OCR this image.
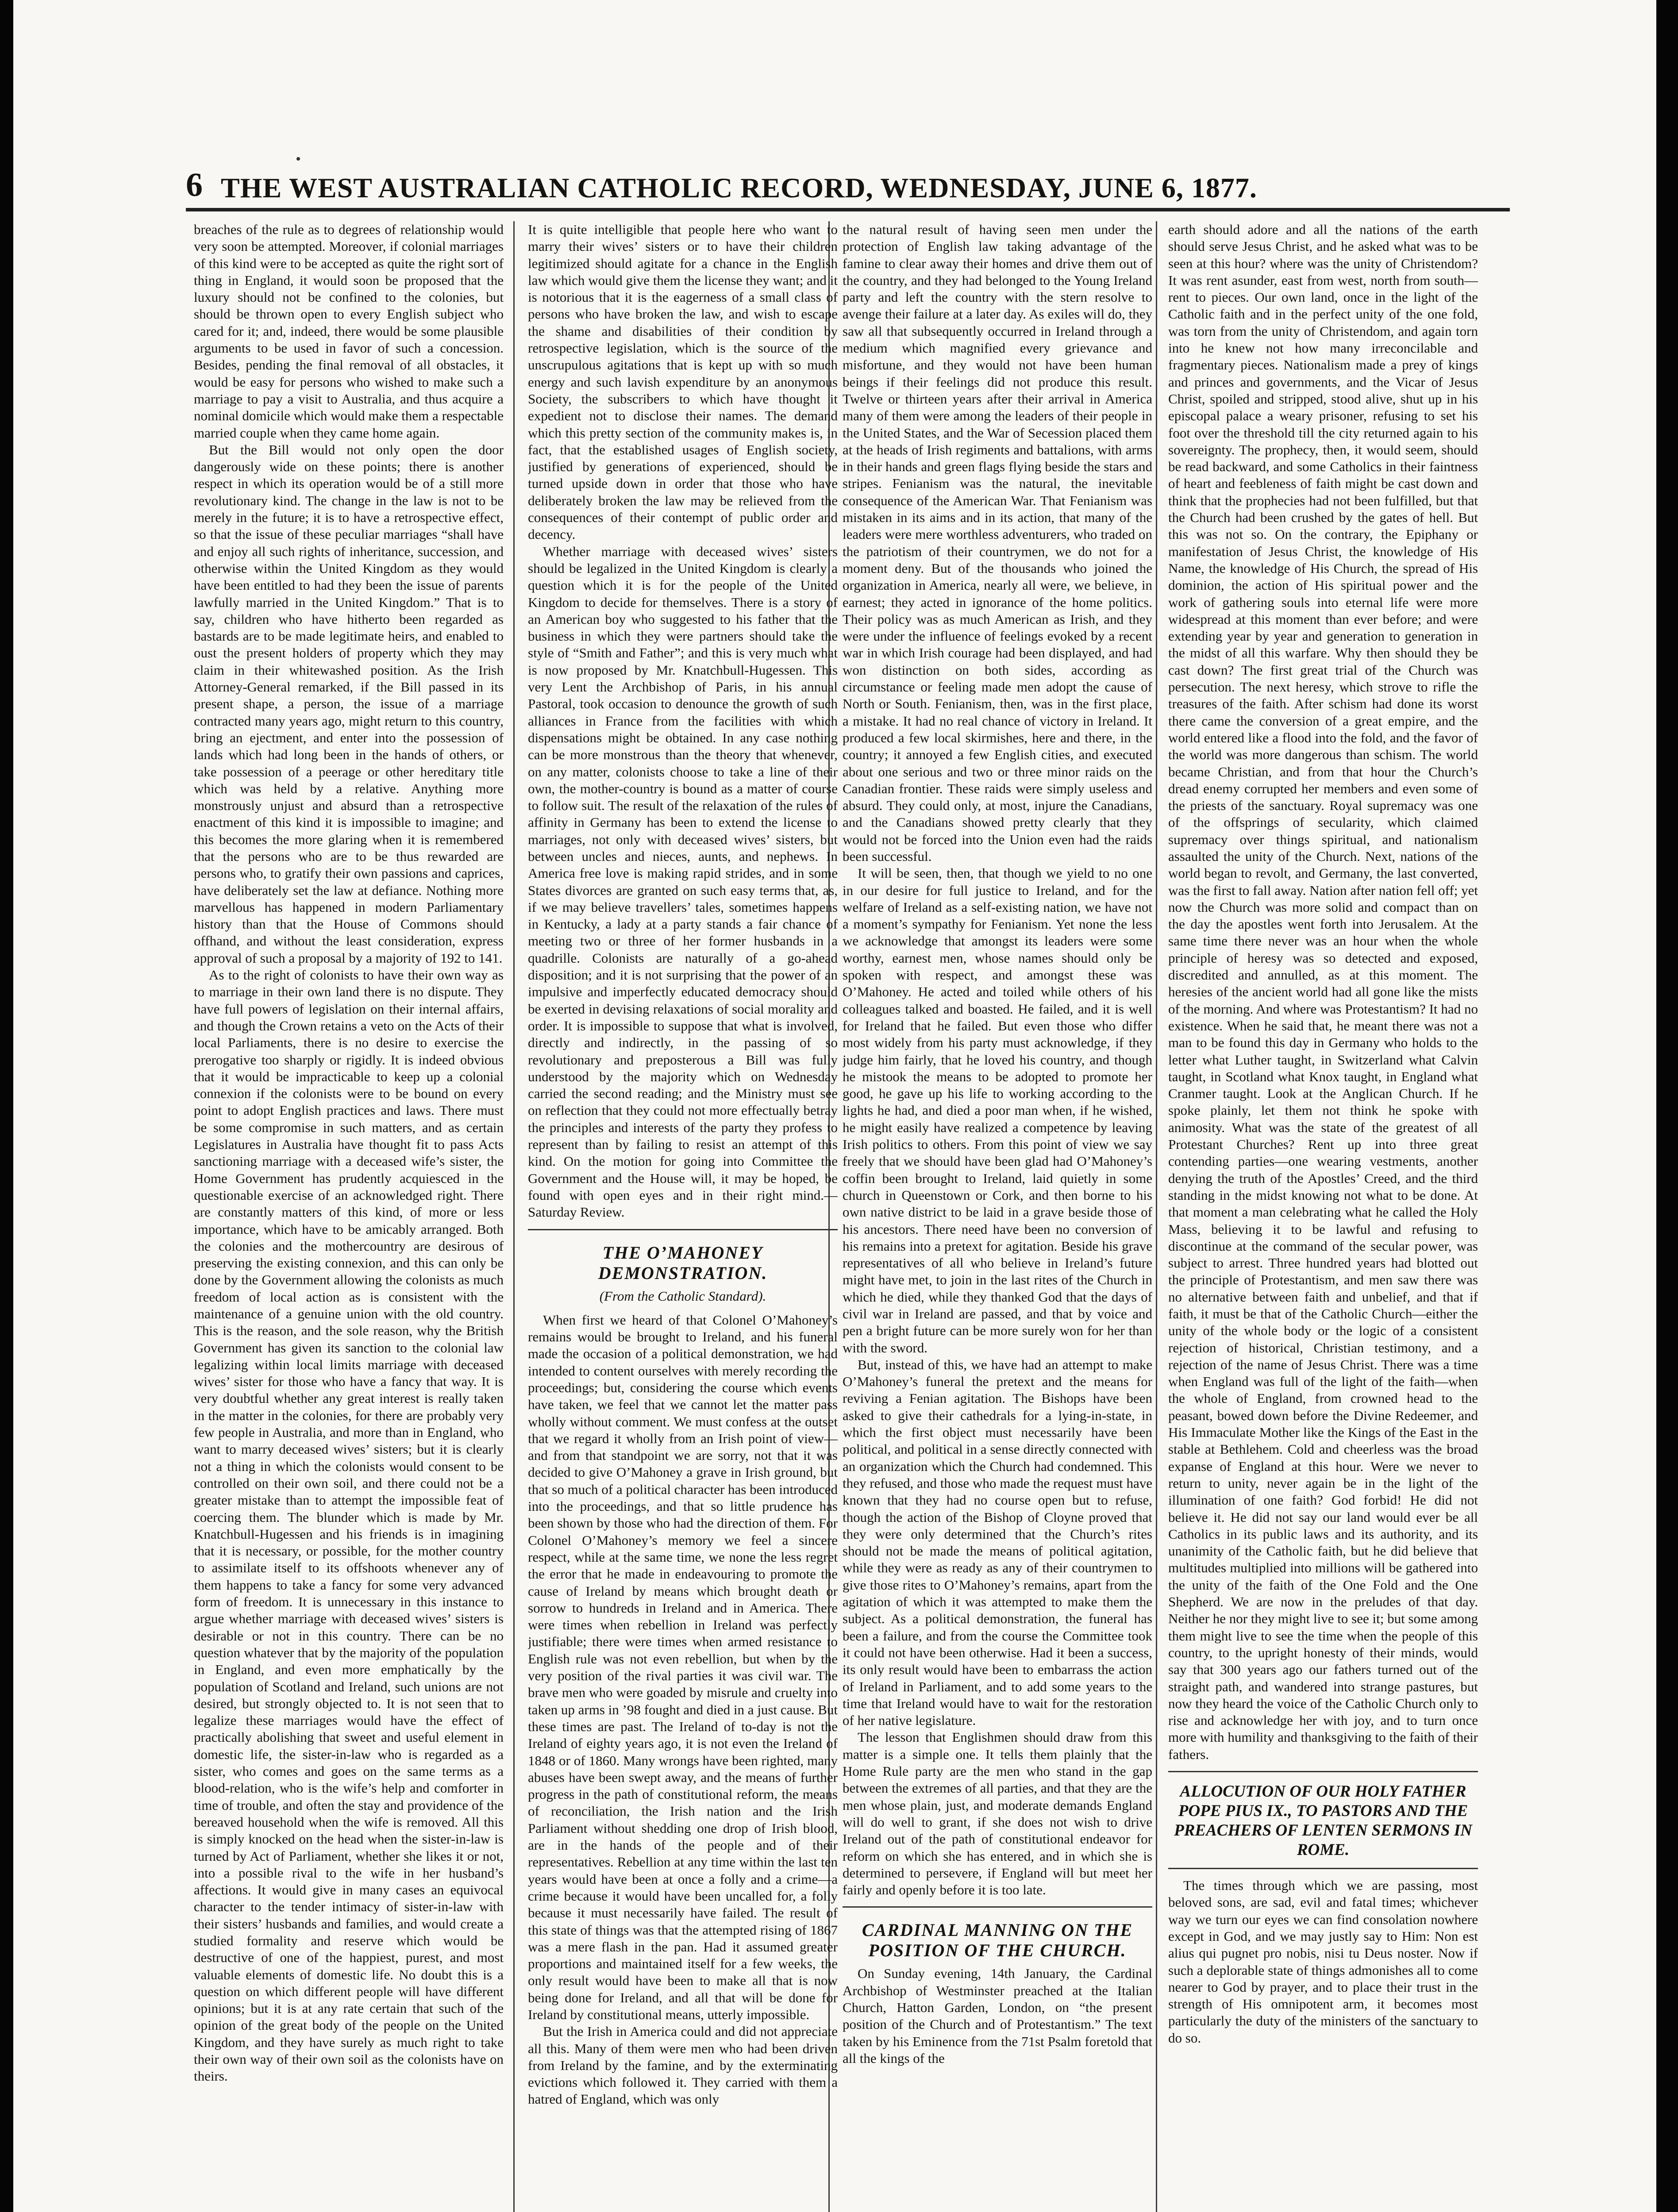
6 THE WEST AUSTRALIAN CATHOLIC RECORD, WEDNESDAY, JUNE 6, 1877.

breaches of the rule as to degrees of relationship would very soon be attempted. Moreover, if colonial marriages of this kind were to be accepted as quite the right sort of thing in England, it would soon be proposed that the luxury should not be confined to the colonies, but should be thrown open to every English subject who cared for it; and, indeed, there would be some plausible arguments to be used in favor of such a concession. Besides, pending the final removal of all obstacles, it would be easy for persons who wished to make such a marriage to pay a visit to Australia, and thus acquire a nominal domicile which would make them a respectable married couple when they came home again.

But the Bill would not only open the door dangerously wide on these points; there is another respect in which its operation would be of a still more revolutionary kind. The change in the law is not to be merely in the future; it is to have a retrospective effect, so that the issue of these peculiar marriages “shall have and enjoy all such rights of inheritance, succession, and otherwise within the United Kingdom as they would have been entitled to had they been the issue of parents lawfully married in the United Kingdom.” That is to say, children who have hitherto been regarded as bastards are to be made legitimate heirs, and enabled to oust the present holders of property which they may claim in their whitewashed position. As the Irish Attorney-General remarked, if the Bill passed in its present shape, a person, the issue of a marriage contracted many years ago, might return to this country, bring an ejectment, and enter into the possession of lands which had long been in the hands of others, or take possession of a peerage or other hereditary title which was held by a relative. Anything more monstrously unjust and absurd than a retrospective enactment of this kind it is impossible to imagine; and this becomes the more glaring when it is remembered that the persons who are to be thus rewarded are persons who, to gratify their own passions and caprices, have deliberately set the law at defiance. Nothing more marvellous has happened in modern Parliamentary history than that the House of Commons should offhand, and without the least consideration, express approval of such a proposal by a majority of 192 to 141.

As to the right of colonists to have their own way as to marriage in their own land there is no dispute. They have full powers of legislation on their internal affairs, and though the Crown retains a veto on the Acts of their local Parliaments, there is no desire to exercise the prerogative too sharply or rigidly. It is indeed obvious that it would be impracticable to keep up a colonial connexion if the colonists were to be bound on every point to adopt English practices and laws. There must be some compromise in such matters, and as certain Legislatures in Australia have thought fit to pass Acts sanctioning marriage with a deceased wife’s sister, the Home Government has prudently acquiesced in the questionable exercise of an acknowledged right. There are constantly matters of this kind, of more or less importance, which have to be amicably arranged. Both the colonies and the mothercountry are desirous of preserving the existing connexion, and this can only be done by the Government allowing the colonists as much freedom of local action as is consistent with the maintenance of a genuine union with the old country. This is the reason, and the sole reason, why the British Government has given its sanction to the colonial law legalizing within local limits marriage with deceased wives’ sister for those who have a fancy that way. It is very doubtful whether any great interest is really taken in the matter in the colonies, for there are probably very few people in Australia, and more than in England, who want to marry deceased wives’ sisters; but it is clearly not a thing in which the colonists would consent to be controlled on their own soil, and there could not be a greater mistake than to attempt the impossible feat of coercing them. The blunder which is made by Mr. Knatchbull-Hugessen and his friends is in imagining that it is necessary, or possible, for the mother country to assimilate itself to its offshoots whenever any of them happens to take a fancy for some very advanced form of freedom. It is unnecessary in this instance to argue whether marriage with deceased wives’ sisters is desirable or not in this country. There can be no question whatever that by the majority of the population in England, and even more emphatically by the population of Scotland and Ireland, such unions are not desired, but strongly objected to. It is not seen that to legalize these marriages would have the effect of practically abolishing that sweet and useful element in domestic life, the sister-in-law who is regarded as a sister, who comes and goes on the same terms as a blood-relation, who is the wife’s help and comforter in time of trouble, and often the stay and providence of the bereaved household when the wife is removed. All this is simply knocked on the head when the sister-in-law is turned by Act of Parliament, whether she likes it or not, into a possible rival to the wife in her husband’s affections. It would give in many cases an equivocal character to the tender intimacy of sister-in-law with their sisters’ husbands and families, and would create a studied formality and reserve which would be destructive of one of the happiest, purest, and most valuable elements of domestic life. No doubt this is a question on which different people will have different opinions; but it is at any rate certain that such of the opinion of the great body of the people on the United Kingdom, and they have surely as much right to take their own way of their own soil as the colonists have on theirs.

It is quite intelligible that people here who want to marry their wives’ sisters or to have their children legitimized should agitate for a chance in the English law which would give them the license they want; and it is notorious that it is the eagerness of a small class of persons who have broken the law, and wish to escape the shame and disabilities of their condition by retrospective legislation, which is the source of the unscrupulous agitations that is kept up with so much energy and such lavish expenditure by an anonymous Society, the subscribers to which have thought it expedient not to disclose their names. The demand which this pretty section of the community makes is, in fact, that the established usages of English society, justified by generations of experienced, should be turned upside down in order that those who have deliberately broken the law may be relieved from the consequences of their contempt of public order and decency.

Whether marriage with deceased wives’ sisters should be legalized in the United Kingdom is clearly a question which it is for the people of the United Kingdom to decide for themselves. There is a story of an American boy who suggested to his father that the business in which they were partners should take the style of “Smith and Father”; and this is very much what is now proposed by Mr. Knatchbull-Hugessen. This very Lent the Archbishop of Paris, in his annual Pastoral, took occasion to denounce the growth of such alliances in France from the facilities with which dispensations might be obtained. In any case nothing can be more monstrous than the theory that whenever, on any matter, colonists choose to take a line of their own, the mother-country is bound as a matter of course to follow suit. The result of the relaxation of the rules of affinity in Germany has been to extend the license to marriages, not only with deceased wives’ sisters, but between uncles and nieces, aunts, and nephews. In America free love is making rapid strides, and in some States divorces are granted on such easy terms that, as, if we may believe travellers’ tales, sometimes happens in Kentucky, a lady at a party stands a fair chance of meeting two or three of her former husbands in a quadrille. Colonists are naturally of a go-ahead disposition; and it is not surprising that the power of an impulsive and imperfectly educated democracy should be exerted in devising relaxations of social morality and order. It is impossible to suppose that what is involved, directly and indirectly, in the passing of so revolutionary and preposterous a Bill was fully understood by the majority which on Wednesday carried the second reading; and the Ministry must see on reflection that they could not more effectually betray the principles and interests of the party they profess to represent than by failing to resist an attempt of this kind. On the motion for going into Committee the Government and the House will, it may be hoped, be found with open eyes and in their right mind.—Saturday Review.

THE O’MAHONEY DEMONSTRATION.
(From the Catholic Standard).

When first we heard of that Colonel O’Mahoney’s remains would be brought to Ireland, and his funeral made the occasion of a political demonstration, we had intended to content ourselves with merely recording the proceedings; but, considering the course which events have taken, we feel that we cannot let the matter pass wholly without comment. We must confess at the outset that we regard it wholly from an Irish point of view—and from that standpoint we are sorry, not that it was decided to give O’Mahoney a grave in Irish ground, but that so much of a political character has been introduced into the proceedings, and that so little prudence has been shown by those who had the direction of them. For Colonel O’Mahoney’s memory we feel a sincere respect, while at the same time, we none the less regret the error that he made in endeavouring to promote the cause of Ireland by means which brought death or sorrow to hundreds in Ireland and in America. There were times when rebellion in Ireland was perfectly justifiable; there were times when armed resistance to English rule was not even rebellion, but when by the very position of the rival parties it was civil war. The brave men who were goaded by misrule and cruelty into taken up arms in ’98 fought and died in a just cause. But these times are past. The Ireland of to-day is not the Ireland of eighty years ago, it is not even the Ireland of 1848 or of 1860. Many wrongs have been righted, many abuses have been swept away, and the means of further progress in the path of constitutional reform, the means of reconciliation, the Irish nation and the Irish Parliament without shedding one drop of Irish blood, are in the hands of the people and of their representatives. Rebellion at any time within the last ten years would have been at once a folly and a crime—a crime because it would have been uncalled for, a folly because it must necessarily have failed. The result of this state of things was that the attempted rising of 1867 was a mere flash in the pan. Had it assumed greater proportions and maintained itself for a few weeks, the only result would have been to make all that is now being done for Ireland, and all that will be done for Ireland by constitutional means, utterly impossible.

But the Irish in America could and did not appreciate all this. Many of them were men who had been driven from Ireland by the famine, and by the exterminating evictions which followed it. They carried with them a hatred of England, which was only

the natural result of having seen men under the protection of English law taking advantage of the famine to clear away their homes and drive them out of the country, and they had belonged to the Young Ireland party and left the country with the stern resolve to avenge their failure at a later day. As exiles will do, they saw all that subsequently occurred in Ireland through a medium which magnified every grievance and misfortune, and they would not have been human beings if their feelings did not produce this result. Twelve or thirteen years after their arrival in America many of them were among the leaders of their people in the United States, and the War of Secession placed them at the heads of Irish regiments and battalions, with arms in their hands and green flags flying beside the stars and stripes. Fenianism was the natural, the inevitable consequence of the American War. That Fenianism was mistaken in its aims and in its action, that many of the leaders were mere worthless adventurers, who traded on the patriotism of their countrymen, we do not for a moment deny. But of the thousands who joined the organization in America, nearly all were, we believe, in earnest; they acted in ignorance of the home politics. Their policy was as much American as Irish, and they were under the influence of feelings evoked by a recent war in which Irish courage had been displayed, and had won distinction on both sides, according as circumstance or feeling made men adopt the cause of North or South. Fenianism, then, was in the first place, a mistake. It had no real chance of victory in Ireland. It produced a few local skirmishes, here and there, in the country; it annoyed a few English cities, and executed about one serious and two or three minor raids on the Canadian frontier. These raids were simply useless and absurd. They could only, at most, injure the Canadians, and the Canadians showed pretty clearly that they would not be forced into the Union even had the raids been successful.

It will be seen, then, that though we yield to no one in our desire for full justice to Ireland, and for the welfare of Ireland as a self-existing nation, we have not a moment’s sympathy for Fenianism. Yet none the less we acknowledge that amongst its leaders were some worthy, earnest men, whose names should only be spoken with respect, and amongst these was O’Mahoney. He acted and toiled while others of his colleagues talked and boasted. He failed, and it is well for Ireland that he failed. But even those who differ most widely from his party must acknowledge, if they judge him fairly, that he loved his country, and though he mistook the means to be adopted to promote her good, he gave up his life to working according to the lights he had, and died a poor man when, if he wished, he might easily have realized a competence by leaving Irish politics to others. From this point of view we say freely that we should have been glad had O’Mahoney’s coffin been brought to Ireland, laid quietly in some church in Queenstown or Cork, and then borne to his own native district to be laid in a grave beside those of his ancestors. There need have been no conversion of his remains into a pretext for agitation. Beside his grave representatives of all who believe in Ireland’s future might have met, to join in the last rites of the Church in which he died, while they thanked God that the days of civil war in Ireland are passed, and that by voice and pen a bright future can be more surely won for her than with the sword.

But, instead of this, we have had an attempt to make O’Mahoney’s funeral the pretext and the means for reviving a Fenian agitation. The Bishops have been asked to give their cathedrals for a lying-in-state, in which the first object must necessarily have been political, and political in a sense directly connected with an organization which the Church had condemned. This they refused, and those who made the request must have known that they had no course open but to refuse, though the action of the Bishop of Cloyne proved that they were only determined that the Church’s rites should not be made the means of political agitation, while they were as ready as any of their countrymen to give those rites to O’Mahoney’s remains, apart from the agitation of which it was attempted to make them the subject. As a political demonstration, the funeral has been a failure, and from the course the Committee took it could not have been otherwise. Had it been a success, its only result would have been to embarrass the action of Ireland in Parliament, and to add some years to the time that Ireland would have to wait for the restoration of her native legislature.

The lesson that Englishmen should draw from this matter is a simple one. It tells them plainly that the Home Rule party are the men who stand in the gap between the extremes of all parties, and that they are the men whose plain, just, and moderate demands England will do well to grant, if she does not wish to drive Ireland out of the path of constitutional endeavor for reform on which she has entered, and in which she is determined to persevere, if England will but meet her fairly and openly before it is too late.

CARDINAL MANNING ON THE POSITION OF THE CHURCH.

On Sunday evening, 14th January, the Cardinal Archbishop of Westminster preached at the Italian Church, Hatton Garden, London, on “the present position of the Church and of Protestantism.” The text taken by his Eminence from the 71st Psalm foretold that all the kings of the

earth should adore and all the nations of the earth should serve Jesus Christ, and he asked what was to be seen at this hour? where was the unity of Christendom? It was rent asunder, east from west, north from south—rent to pieces. Our own land, once in the light of the Catholic faith and in the perfect unity of the one fold, was torn from the unity of Christendom, and again torn into he knew not how many irreconcilable and fragmentary pieces. Nationalism made a prey of kings and princes and governments, and the Vicar of Jesus Christ, spoiled and stripped, stood alive, shut up in his episcopal palace a weary prisoner, refusing to set his foot over the threshold till the city returned again to his sovereignty. The prophecy, then, it would seem, should be read backward, and some Catholics in their faintness of heart and feebleness of faith might be cast down and think that the prophecies had not been fulfilled, but that the Church had been crushed by the gates of hell. But this was not so. On the contrary, the Epiphany or manifestation of Jesus Christ, the knowledge of His Name, the knowledge of His Church, the spread of His dominion, the action of His spiritual power and the work of gathering souls into eternal life were more widespread at this moment than ever before; and were extending year by year and generation to generation in the midst of all this warfare. Why then should they be cast down? The first great trial of the Church was persecution. The next heresy, which strove to rifle the treasures of the faith. After schism had done its worst there came the conversion of a great empire, and the world entered like a flood into the fold, and the favor of the world was more dangerous than schism. The world became Christian, and from that hour the Church’s dread enemy corrupted her members and even some of the priests of the sanctuary. Royal supremacy was one of the offsprings of secularity, which claimed supremacy over things spiritual, and nationalism assaulted the unity of the Church. Next, nations of the world began to revolt, and Germany, the last converted, was the first to fall away. Nation after nation fell off; yet now the Church was more solid and compact than on the day the apostles went forth into Jerusalem. At the same time there never was an hour when the whole principle of heresy was so detected and exposed, discredited and annulled, as at this moment. The heresies of the ancient world had all gone like the mists of the morning. And where was Protestantism? It had no existence. When he said that, he meant there was not a man to be found this day in Germany who holds to the letter what Luther taught, in Switzerland what Calvin taught, in Scotland what Knox taught, in England what Cranmer taught. Look at the Anglican Church. If he spoke plainly, let them not think he spoke with animosity. What was the state of the greatest of all Protestant Churches? Rent up into three great contending parties—one wearing vestments, another denying the truth of the Apostles’ Creed, and the third standing in the midst knowing not what to be done. At that moment a man celebrating what he called the Holy Mass, believing it to be lawful and refusing to discontinue at the command of the secular power, was subject to arrest. Three hundred years had blotted out the principle of Protestantism, and men saw there was no alternative between faith and unbelief, and that if faith, it must be that of the Catholic Church—either the unity of the whole body or the logic of a consistent rejection of historical, Christian testimony, and a rejection of the name of Jesus Christ. There was a time when England was full of the light of the faith—when the whole of England, from crowned head to the peasant, bowed down before the Divine Redeemer, and His Immaculate Mother like the Kings of the East in the stable at Bethlehem. Cold and cheerless was the broad expanse of England at this hour. Were we never to return to unity, never again be in the light of the illumination of one faith? God forbid! He did not believe it. He did not say our land would ever be all Catholics in its public laws and its authority, and its unanimity of the Catholic faith, but he did believe that multitudes multiplied into millions will be gathered into the unity of the faith of the One Fold and the One Shepherd. We are now in the preludes of that day. Neither he nor they might live to see it; but some among them might live to see the time when the people of this country, to the upright honesty of their minds, would say that 300 years ago our fathers turned out of the straight path, and wandered into strange pastures, but now they heard the voice of the Catholic Church only to rise and acknowledge her with joy, and to turn once more with humility and thanksgiving to the faith of their fathers.

ALLOCUTION OF OUR HOLY FATHER POPE PIUS IX., TO PASTORS AND THE PREACHERS OF LENTEN SERMONS IN ROME.

The times through which we are passing, most beloved sons, are sad, evil and fatal times; whichever way we turn our eyes we can find consolation nowhere except in God, and we may justly say to Him: Non est alius qui pugnet pro nobis, nisi tu Deus noster. Now if such a deplorable state of things admonishes all to come nearer to God by prayer, and to place their trust in the strength of His omnipotent arm, it becomes most particularly the duty of the ministers of the sanctuary to do so.
